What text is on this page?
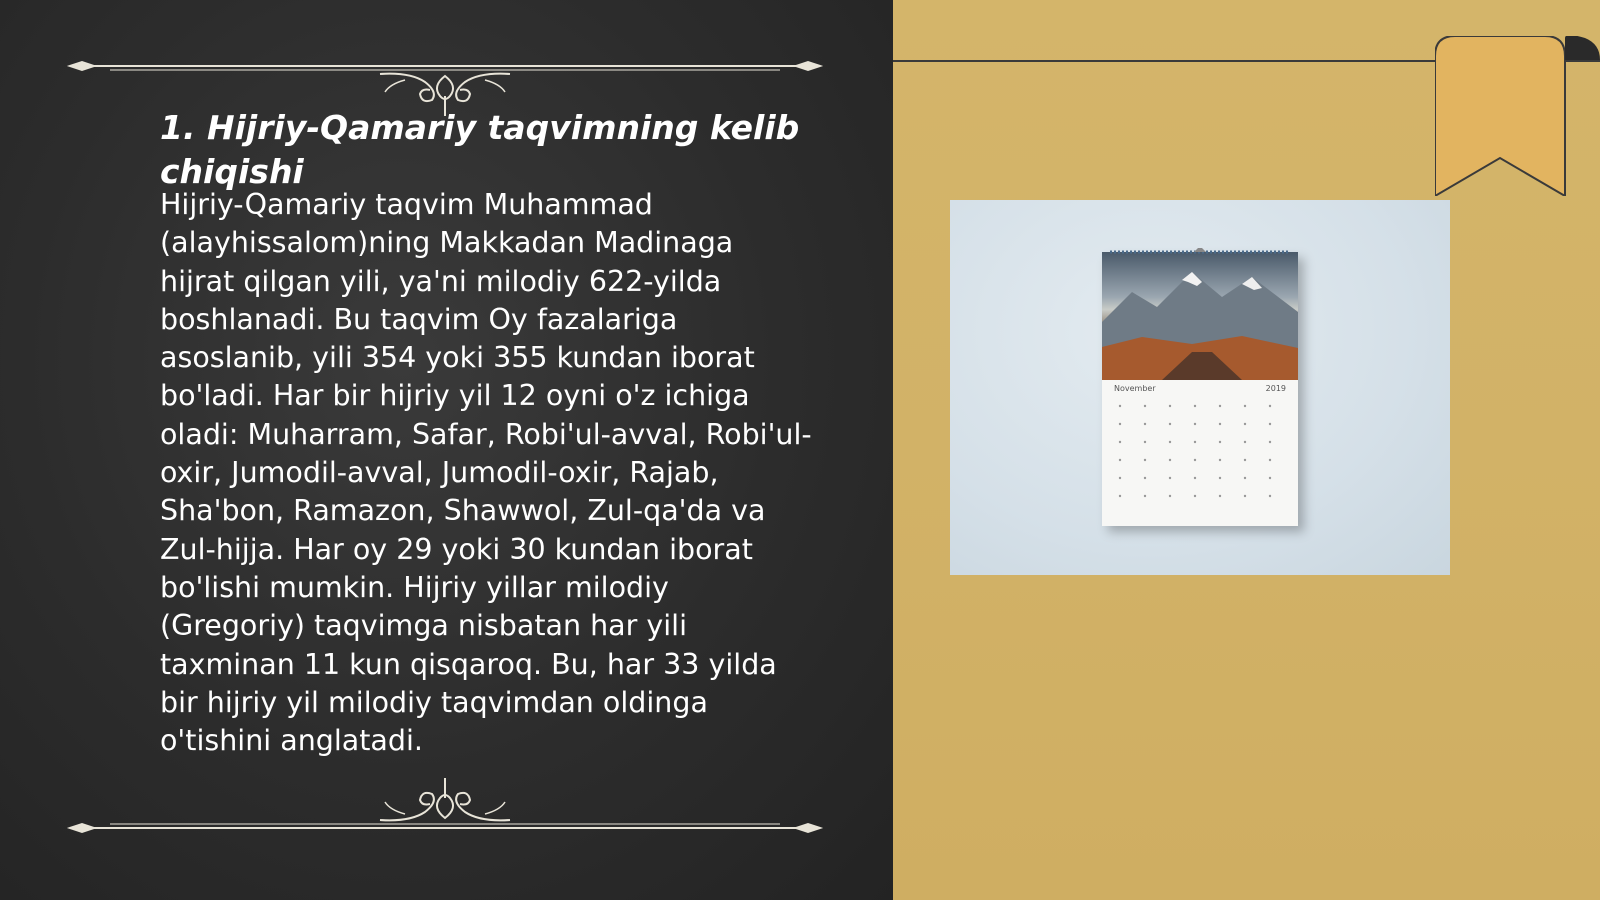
1. Hijriy-Qamariy taqvimning kelib chiqishi

Hijriy-Qamariy taqvim Muhammad
(alayhissalom)ning Makkadan Madinaga
hijrat qilgan yili, ya'ni milodiy 622-yilda
boshlanadi. Bu taqvim Oy fazalariga
asoslanib, yili 354 yoki 355 kundan iborat
bo'ladi. Har bir hijriy yil 12 oyni o'z ichiga
oladi: Muharram, Safar, Robi'ul-avval, Robi'ul-
oxir, Jumodil-avval, Jumodil-oxir, Rajab,
Sha'bon, Ramazon, Shawwol, Zul-qa'da va
Zul-hijja. Har oy 29 yoki 30 kundan iborat
bo'lishi mumkin. Hijriy yillar milodiy
(Gregoriy) taqvimga nisbatan har yili
taxminan 11 kun qisqaroq. Bu, har 33 yilda
bir hijriy yil milodiy taqvimdan oldinga
o'tishini anglatadi.

November	2019
